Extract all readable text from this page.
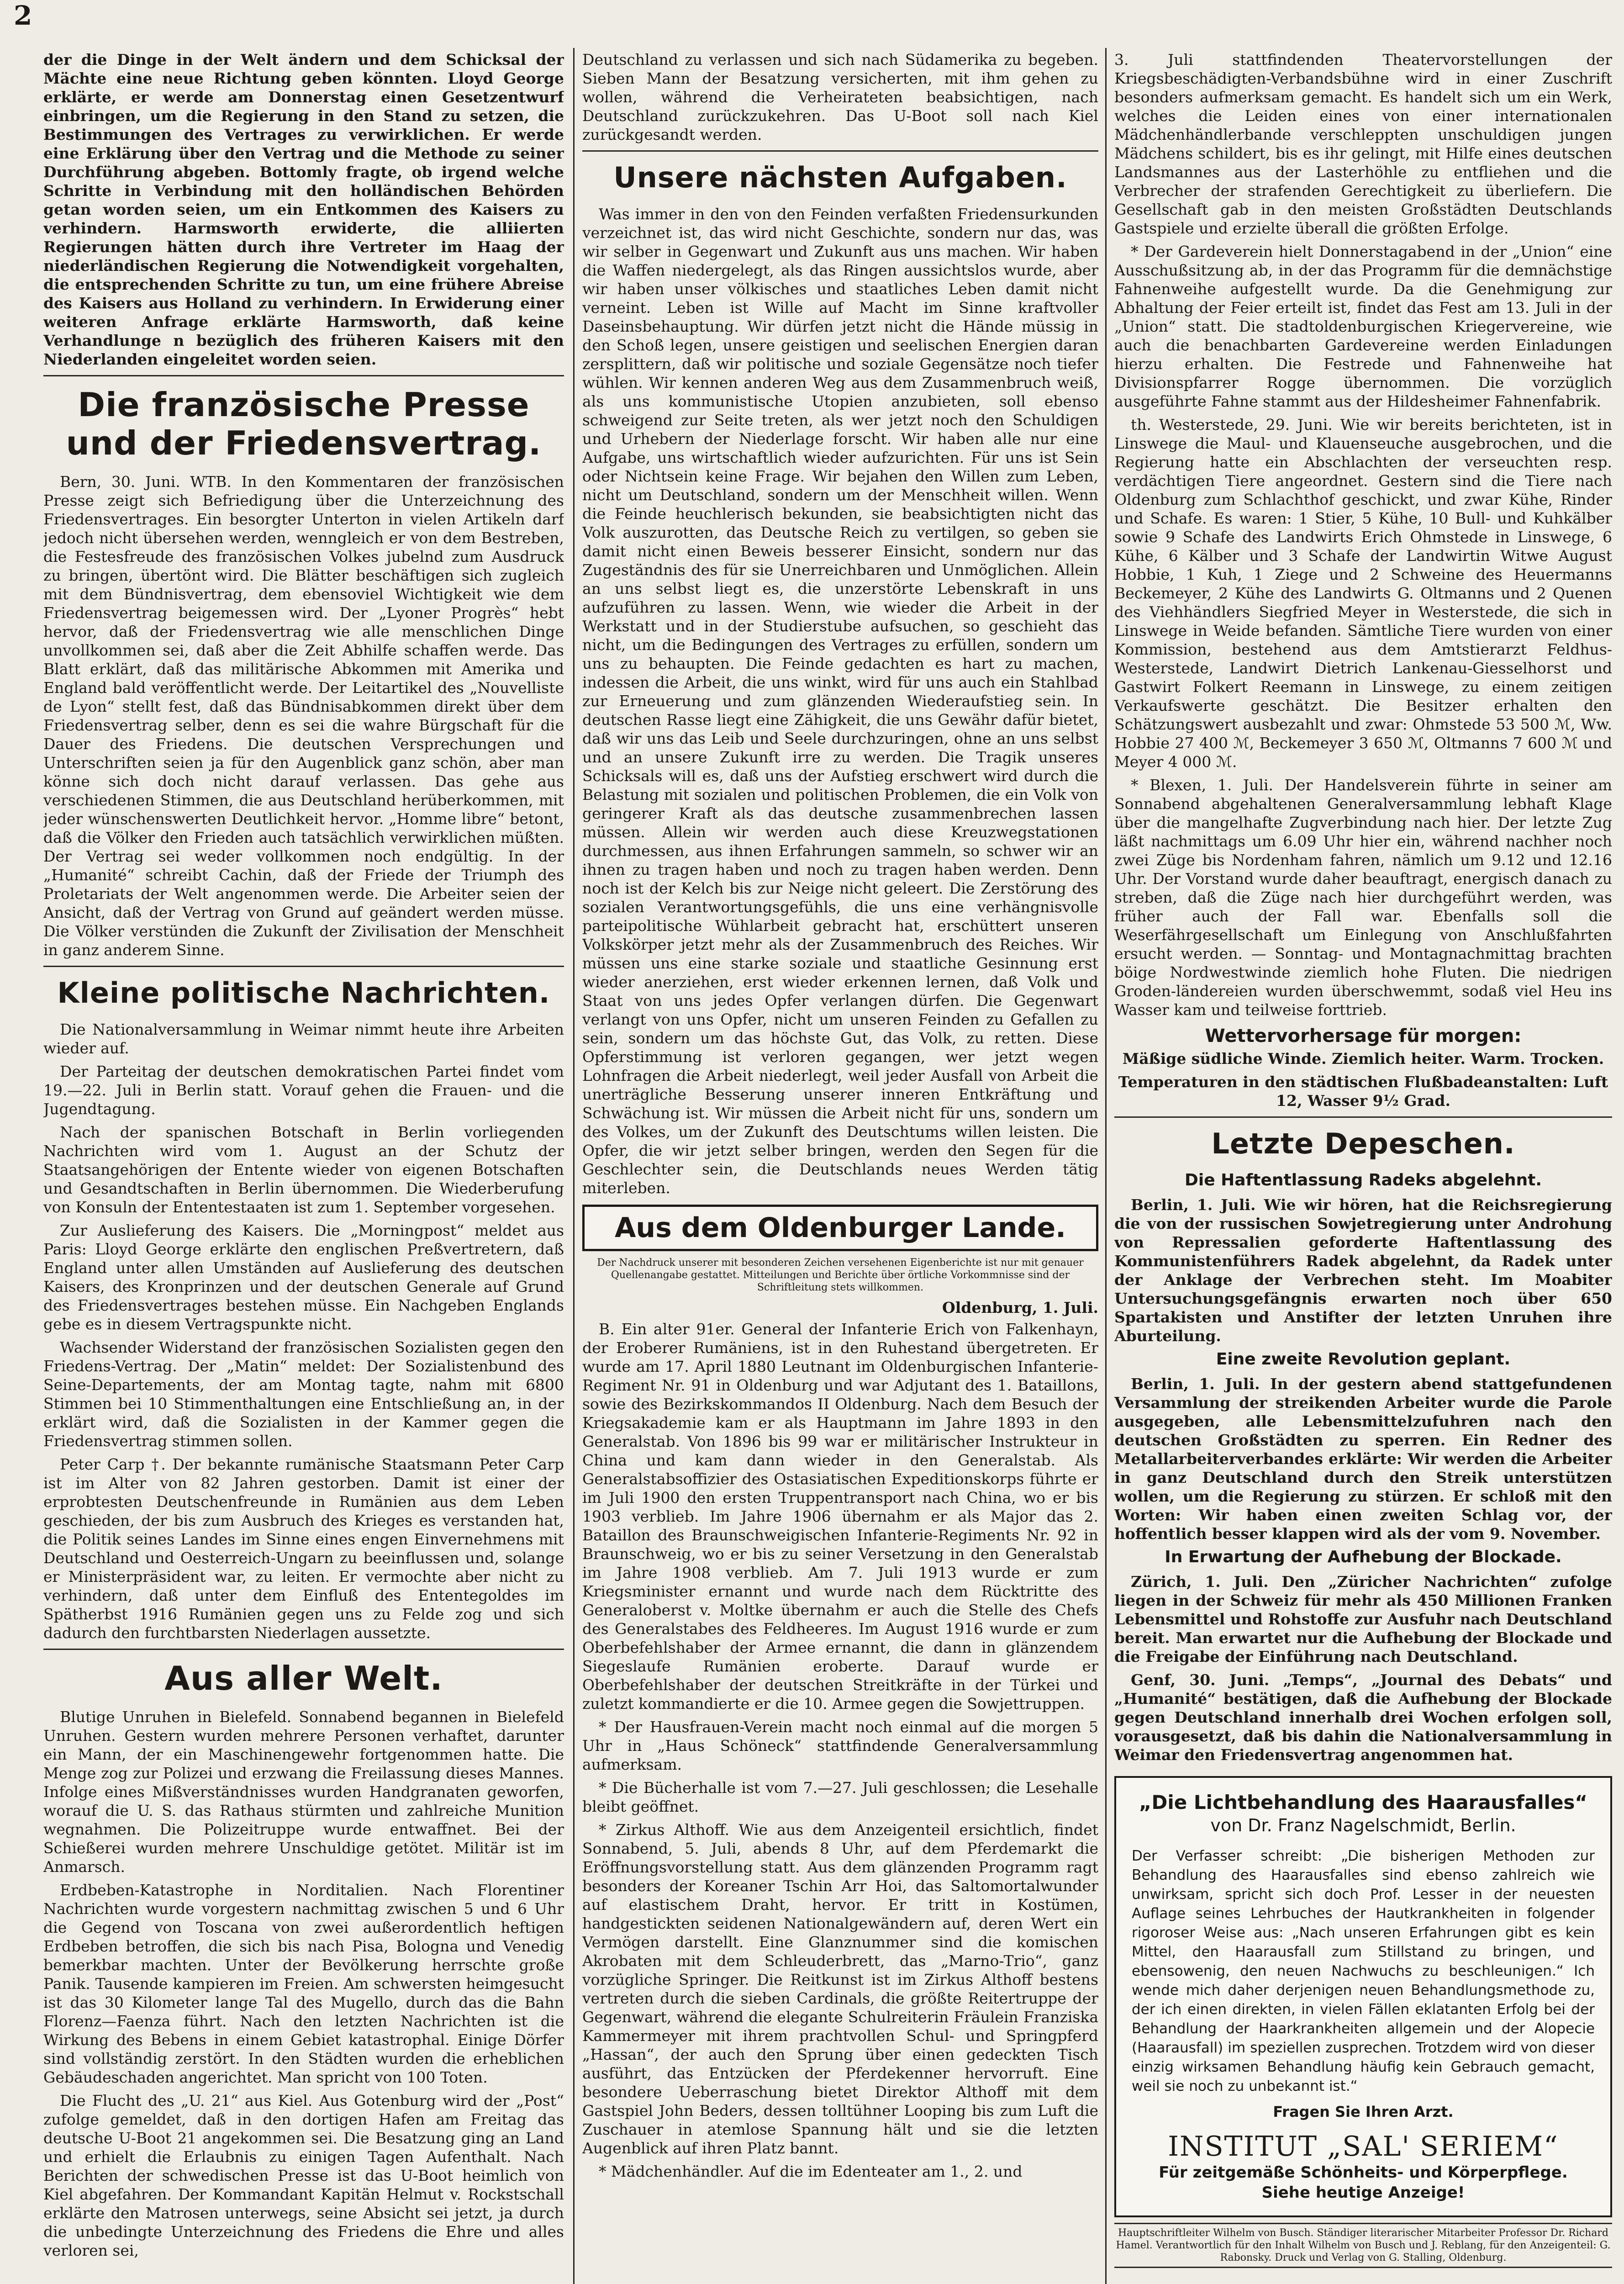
2

der die Dinge in der Welt ändern und dem Schicksal der Mächte eine neue Richtung geben könnten. Lloyd George erklärte, er werde am Donnerstag einen Gesetzentwurf einbringen, um die Regierung in den Stand zu setzen, die Bestimmungen des Vertrages zu verwirklichen. Er werde eine Erklärung über den Vertrag und die Methode zu seiner Durchführung abgeben. Bottomly fragte, ob irgend welche Schritte in Verbindung mit den holländischen Behörden getan worden seien, um ein Entkommen des Kaisers zu verhindern. Harmsworth erwiderte, die alliierten Regierungen hätten durch ihre Vertreter im Haag der niederländischen Regierung die Notwendigkeit vorgehalten, die entsprechenden Schritte zu tun, um eine frühere Abreise des Kaisers aus Holland zu verhindern. In Erwiderung einer weiteren Anfrage erklärte Harmsworth, daß keine Verhandlunge n bezüglich des früheren Kaisers mit den Niederlanden eingeleitet worden seien.

Die französische Presse und der Friedensvertrag.

Bern, 30. Juni. WTB. In den Kommentaren der französischen Presse zeigt sich Befriedigung über die Unterzeichnung des Friedensvertrages. Ein besorgter Unterton in vielen Artikeln darf jedoch nicht übersehen werden, wenngleich er von dem Bestreben, die Festesfreude des französischen Volkes jubelnd zum Ausdruck zu bringen, übertönt wird. Die Blätter beschäftigen sich zugleich mit dem Bündnisvertrag, dem ebensoviel Wichtigkeit wie dem Friedensvertrag beigemessen wird. Der „Lyoner Progrès“ hebt hervor, daß der Friedensvertrag wie alle menschlichen Dinge unvollkommen sei, daß aber die Zeit Abhilfe schaffen werde. Das Blatt erklärt, daß das militärische Abkommen mit Amerika und England bald veröffentlicht werde. Der Leitartikel des „Nouvelliste de Lyon“ stellt fest, daß das Bündnisabkommen direkt über dem Friedensvertrag selber, denn es sei die wahre Bürgschaft für die Dauer des Friedens. Die deutschen Versprechungen und Unterschriften seien ja für den Augenblick ganz schön, aber man könne sich doch nicht darauf verlassen. Das gehe aus verschiedenen Stimmen, die aus Deutschland herüberkommen, mit jeder wünschenswerten Deutlichkeit hervor. „Homme libre“ betont, daß die Völker den Frieden auch tatsächlich verwirklichen müßten. Der Vertrag sei weder vollkommen noch endgültig. In der „Humanité“ schreibt Cachin, daß der Friede der Triumph des Proletariats der Welt angenommen werde. Die Arbeiter seien der Ansicht, daß der Vertrag von Grund auf geändert werden müsse. Die Völker verstünden die Zukunft der Zivilisation der Menschheit in ganz anderem Sinne.

Kleine politische Nachrichten.

Die Nationalversammlung in Weimar nimmt heute ihre Arbeiten wieder auf.

Der Parteitag der deutschen demokratischen Partei findet vom 19.—22. Juli in Berlin statt. Vorauf gehen die Frauen- und die Jugendtagung.

Nach der spanischen Botschaft in Berlin vorliegenden Nachrichten wird vom 1. August an der Schutz der Staatsangehörigen der Entente wieder von eigenen Botschaften und Gesandtschaften in Berlin übernommen. Die Wiederberufung von Konsuln der Ententestaaten ist zum 1. September vorgesehen.

Zur Auslieferung des Kaisers. Die „Morningpost“ meldet aus Paris: Lloyd George erklärte den englischen Preßvertretern, daß England unter allen Umständen auf Auslieferung des deutschen Kaisers, des Kronprinzen und der deutschen Generale auf Grund des Friedensvertrages bestehen müsse. Ein Nachgeben Englands gebe es in diesem Vertragspunkte nicht.

Wachsender Widerstand der französischen Sozialisten gegen den Friedens-Vertrag. Der „Matin“ meldet: Der Sozialistenbund des Seine-Departements, der am Montag tagte, nahm mit 6800 Stimmen bei 10 Stimmenthaltungen eine Entschließung an, in der erklärt wird, daß die Sozialisten in der Kammer gegen die Friedensvertrag stimmen sollen.

Peter Carp †. Der bekannte rumänische Staatsmann Peter Carp ist im Alter von 82 Jahren gestorben. Damit ist einer der erprobtesten Deutschenfreunde in Rumänien aus dem Leben geschieden, der bis zum Ausbruch des Krieges es verstanden hat, die Politik seines Landes im Sinne eines engen Einvernehmens mit Deutschland und Oesterreich-Ungarn zu beeinflussen und, solange er Ministerpräsident war, zu leiten. Er vermochte aber nicht zu verhindern, daß unter dem Einfluß des Ententegoldes im Spätherbst 1916 Rumänien gegen uns zu Felde zog und sich dadurch den furchtbarsten Niederlagen aussetzte.

Aus aller Welt.

Blutige Unruhen in Bielefeld. Sonnabend begannen in Bielefeld Unruhen. Gestern wurden mehrere Personen verhaftet, darunter ein Mann, der ein Maschinengewehr fortgenommen hatte. Die Menge zog zur Polizei und erzwang die Freilassung dieses Mannes. Infolge eines Mißverständnisses wurden Handgranaten geworfen, worauf die U. S. das Rathaus stürmten und zahlreiche Munition wegnahmen. Die Polizeitruppe wurde entwaffnet. Bei der Schießerei wurden mehrere Unschuldige getötet. Militär ist im Anmarsch.

Erdbeben-Katastrophe in Norditalien. Nach Florentiner Nachrichten wurde vorgestern nachmittag zwischen 5 und 6 Uhr die Gegend von Toscana von zwei außerordentlich heftigen Erdbeben betroffen, die sich bis nach Pisa, Bologna und Venedig bemerkbar machten. Unter der Bevölkerung herrschte große Panik. Tausende kampieren im Freien. Am schwersten heimgesucht ist das 30 Kilometer lange Tal des Mugello, durch das die Bahn Florenz—Faenza führt. Nach den letzten Nachrichten ist die Wirkung des Bebens in einem Gebiet katastrophal. Einige Dörfer sind vollständig zerstört. In den Städten wurden die erheblichen Gebäudeschaden angerichtet. Man spricht von 100 Toten.

Die Flucht des „U. 21“ aus Kiel. Aus Gotenburg wird der „Post“ zufolge gemeldet, daß in den dortigen Hafen am Freitag das deutsche U-Boot 21 angekommen sei. Die Besatzung ging an Land und erhielt die Erlaubnis zu einigen Tagen Aufenthalt. Nach Berichten der schwedischen Presse ist das U-Boot heimlich von Kiel abgefahren. Der Kommandant Kapitän Helmut v. Rockstschall erklärte den Matrosen unterwegs, seine Absicht sei jetzt, ja durch die unbedingte Unterzeichnung des Friedens die Ehre und alles verloren sei,

Deutschland zu verlassen und sich nach Südamerika zu begeben. Sieben Mann der Besatzung versicherten, mit ihm gehen zu wollen, während die Verheirateten beabsichtigen, nach Deutschland zurückzukehren. Das U-Boot soll nach Kiel zurückgesandt werden.

Unsere nächsten Aufgaben.

Was immer in den von den Feinden verfaßten Friedensurkunden verzeichnet ist, das wird nicht Geschichte, sondern nur das, was wir selber in Gegenwart und Zukunft aus uns machen. Wir haben die Waffen niedergelegt, als das Ringen aussichtslos wurde, aber wir haben unser völkisches und staatliches Leben damit nicht verneint. Leben ist Wille auf Macht im Sinne kraftvoller Daseinsbehauptung. Wir dürfen jetzt nicht die Hände müssig in den Schoß legen, unsere geistigen und seelischen Energien daran zersplittern, daß wir politische und soziale Gegensätze noch tiefer wühlen. Wir kennen anderen Weg aus dem Zusammenbruch weiß, als uns kommunistische Utopien anzubieten, soll ebenso schweigend zur Seite treten, als wer jetzt noch den Schuldigen und Urhebern der Niederlage forscht. Wir haben alle nur eine Aufgabe, uns wirtschaftlich wieder aufzurichten. Für uns ist Sein oder Nichtsein keine Frage. Wir bejahen den Willen zum Leben, nicht um Deutschland, sondern um der Menschheit willen. Wenn die Feinde heuchlerisch bekunden, sie beabsichtigten nicht das Volk auszurotten, das Deutsche Reich zu vertilgen, so geben sie damit nicht einen Beweis besserer Einsicht, sondern nur das Zugeständnis des für sie Unerreichbaren und Unmöglichen. Allein an uns selbst liegt es, die unzerstörte Lebenskraft in uns aufzuführen zu lassen. Wenn, wie wieder die Arbeit in der Werkstatt und in der Studierstube aufsuchen, so geschieht das nicht, um die Bedingungen des Vertrages zu erfüllen, sondern um uns zu behaupten. Die Feinde gedachten es hart zu machen, indessen die Arbeit, die uns winkt, wird für uns auch ein Stahlbad zur Erneuerung und zum glänzenden Wiederaufstieg sein. In deutschen Rasse liegt eine Zähigkeit, die uns Gewähr dafür bietet, daß wir uns das Leib und Seele durchzuringen, ohne an uns selbst und an unsere Zukunft irre zu werden. Die Tragik unseres Schicksals will es, daß uns der Aufstieg erschwert wird durch die Belastung mit sozialen und politischen Problemen, die ein Volk von geringerer Kraft als das deutsche zusammenbrechen lassen müssen. Allein wir werden auch diese Kreuzwegstationen durchmessen, aus ihnen Erfahrungen sammeln, so schwer wir an ihnen zu tragen haben und noch zu tragen haben werden. Denn noch ist der Kelch bis zur Neige nicht geleert. Die Zerstörung des sozialen Verantwortungsgefühls, die uns eine verhängnisvolle parteipolitische Wühlarbeit gebracht hat, erschüttert unseren Volkskörper jetzt mehr als der Zusammenbruch des Reiches. Wir müssen uns eine starke soziale und staatliche Gesinnung erst wieder anerziehen, erst wieder erkennen lernen, daß Volk und Staat von uns jedes Opfer verlangen dürfen. Die Gegenwart verlangt von uns Opfer, nicht um unseren Feinden zu Gefallen zu sein, sondern um das höchste Gut, das Volk, zu retten. Diese Opferstimmung ist verloren gegangen, wer jetzt wegen Lohnfragen die Arbeit niederlegt, weil jeder Ausfall von Arbeit die unerträgliche Besserung unserer inneren Entkräftung und Schwächung ist. Wir müssen die Arbeit nicht für uns, sondern um des Volkes, um der Zukunft des Deutschtums willen leisten. Die Opfer, die wir jetzt selber bringen, werden den Segen für die Geschlechter sein, die Deutschlands neues Werden tätig miterleben.

Aus dem Oldenburger Lande.

Der Nachdruck unserer mit besonderen Zeichen versehenen Eigenberichte ist nur mit genauer Quellenangabe gestattet. Mitteilungen und Berichte über örtliche Vorkommnisse sind der Schriftleitung stets willkommen.

Oldenburg, 1. Juli.

B. Ein alter 91er. General der Infanterie Erich von Falkenhayn, der Eroberer Rumäniens, ist in den Ruhestand übergetreten. Er wurde am 17. April 1880 Leutnant im Oldenburgischen Infanterie-Regiment Nr. 91 in Oldenburg und war Adjutant des 1. Bataillons, sowie des Bezirkskommandos II Oldenburg. Nach dem Besuch der Kriegsakademie kam er als Hauptmann im Jahre 1893 in den Generalstab. Von 1896 bis 99 war er militärischer Instrukteur in China und kam dann wieder in den Generalstab. Als Generalstabsoffizier des Ostasiatischen Expeditionskorps führte er im Juli 1900 den ersten Truppentransport nach China, wo er bis 1903 verblieb. Im Jahre 1906 übernahm er als Major das 2. Bataillon des Braunschweigischen Infanterie-Regiments Nr. 92 in Braunschweig, wo er bis zu seiner Versetzung in den Generalstab im Jahre 1908 verblieb. Am 7. Juli 1913 wurde er zum Kriegsminister ernannt und wurde nach dem Rücktritte des Generaloberst v. Moltke übernahm er auch die Stelle des Chefs des Generalstabes des Feldheeres. Im August 1916 wurde er zum Oberbefehlshaber der Armee ernannt, die dann in glänzendem Siegeslaufe Rumänien eroberte. Darauf wurde er Oberbefehlshaber der deutschen Streitkräfte in der Türkei und zuletzt kommandierte er die 10. Armee gegen die Sowjettruppen.

* Der Hausfrauen-Verein macht noch einmal auf die morgen 5 Uhr in „Haus Schöneck“ stattfindende Generalversammlung aufmerksam.

* Die Bücherhalle ist vom 7.—27. Juli geschlossen; die Lesehalle bleibt geöffnet.

* Zirkus Althoff. Wie aus dem Anzeigenteil ersichtlich, findet Sonnabend, 5. Juli, abends 8 Uhr, auf dem Pferdemarkt die Eröffnungsvorstellung statt. Aus dem glänzenden Programm ragt besonders der Koreaner Tschin Arr Hoi, das Saltomortalwunder auf elastischem Draht, hervor. Er tritt in Kostümen, handgestickten seidenen Nationalgewändern auf, deren Wert ein Vermögen darstellt. Eine Glanznummer sind die komischen Akrobaten mit dem Schleuderbrett, das „Marno-Trio“, ganz vorzügliche Springer. Die Reitkunst ist im Zirkus Althoff bestens vertreten durch die sieben Cardinals, die größte Reitertruppe der Gegenwart, während die elegante Schulreiterin Fräulein Franziska Kammermeyer mit ihrem prachtvollen Schul- und Springpferd „Hassan“, der auch den Sprung über einen gedeckten Tisch ausführt, das Entzücken der Pferdekenner hervorruft. Eine besondere Ueberraschung bietet Direktor Althoff mit dem Gastspiel John Beders, dessen tolltühner Looping bis zum Luft die Zuschauer in atemlose Spannung hält und sie die letzten Augenblick auf ihren Platz bannt.

* Mädchenhändler. Auf die im Edenteater am 1., 2. und

3. Juli stattfindenden Theatervorstellungen der Kriegsbeschädigten-Verbandsbühne wird in einer Zuschrift besonders aufmerksam gemacht. Es handelt sich um ein Werk, welches die Leiden eines von einer internationalen Mädchenhändlerbande verschleppten unschuldigen jungen Mädchens schildert, bis es ihr gelingt, mit Hilfe eines deutschen Landsmannes aus der Lasterhöhle zu entfliehen und die Verbrecher der strafenden Gerechtigkeit zu überliefern. Die Gesellschaft gab in den meisten Großstädten Deutschlands Gastspiele und erzielte überall die größten Erfolge.

* Der Gardeverein hielt Donnerstagabend in der „Union“ eine Ausschußsitzung ab, in der das Programm für die demnächstige Fahnenweihe aufgestellt wurde. Da die Genehmigung zur Abhaltung der Feier erteilt ist, findet das Fest am 13. Juli in der „Union“ statt. Die stadtoldenburgischen Kriegervereine, wie auch die benachbarten Gardevereine werden Einladungen hierzu erhalten. Die Festrede und Fahnenweihe hat Divisionspfarrer Rogge übernommen. Die vorzüglich ausgeführte Fahne stammt aus der Hildesheimer Fahnenfabrik.

th. Westerstede, 29. Juni. Wie wir bereits berichteten, ist in Linswege die Maul- und Klauenseuche ausgebrochen, und die Regierung hatte ein Abschlachten der verseuchten resp. verdächtigen Tiere angeordnet. Gestern sind die Tiere nach Oldenburg zum Schlachthof geschickt, und zwar Kühe, Rinder und Schafe. Es waren: 1 Stier, 5 Kühe, 10 Bull- und Kuhkälber sowie 9 Schafe des Landwirts Erich Ohmstede in Linswege, 6 Kühe, 6 Kälber und 3 Schafe der Landwirtin Witwe August Hobbie, 1 Kuh, 1 Ziege und 2 Schweine des Heuermanns Beckemeyer, 2 Kühe des Landwirts G. Oltmanns und 2 Quenen des Viehhändlers Siegfried Meyer in Westerstede, die sich in Linswege in Weide befanden. Sämtliche Tiere wurden von einer Kommission, bestehend aus dem Amtstierarzt Feldhus-Westerstede, Landwirt Dietrich Lankenau-Giesselhorst und Gastwirt Folkert Reemann in Linswege, zu einem zeitigen Verkaufswerte geschätzt. Die Besitzer erhalten den Schätzungswert ausbezahlt und zwar: Ohmstede 53 500 ℳ, Ww. Hobbie 27 400 ℳ, Beckemeyer 3 650 ℳ, Oltmanns 7 600 ℳ und Meyer 4 000 ℳ.

* Blexen, 1. Juli. Der Handelsverein führte in seiner am Sonnabend abgehaltenen Generalversammlung lebhaft Klage über die mangelhafte Zugverbindung nach hier. Der letzte Zug läßt nachmittags um 6.09 Uhr hier ein, während nachher noch zwei Züge bis Nordenham fahren, nämlich um 9.12 und 12.16 Uhr. Der Vorstand wurde daher beauftragt, energisch danach zu streben, daß die Züge nach hier durchgeführt werden, was früher auch der Fall war. Ebenfalls soll die Weserfährgesellschaft um Einlegung von Anschlußfahrten ersucht werden. — Sonntag- und Montagnachmittag brachten böige Nordwestwinde ziemlich hohe Fluten. Die niedrigen Groden-ländereien wurden überschwemmt, sodaß viel Heu ins Wasser kam und teilweise forttrieb.

Wettervorhersage für morgen:

Mäßige südliche Winde. Ziemlich heiter. Warm. Trocken.

Temperaturen in den städtischen Flußbadeanstalten: Luft 12, Wasser 9½ Grad.

Letzte Depeschen.
Die Haftentlassung Radeks abgelehnt.

Berlin, 1. Juli. Wie wir hören, hat die Reichsregierung die von der russischen Sowjetregierung unter Androhung von Repressalien geforderte Haftentlassung des Kommunistenführers Radek abgelehnt, da Radek unter der Anklage der Verbrechen steht. Im Moabiter Untersuchungsgefängnis erwarten noch über 650 Spartakisten und Anstifter der letzten Unruhen ihre Aburteilung.

Eine zweite Revolution geplant.

Berlin, 1. Juli. In der gestern abend stattgefundenen Versammlung der streikenden Arbeiter wurde die Parole ausgegeben, alle Lebensmittelzufuhren nach den deutschen Großstädten zu sperren. Ein Redner des Metallarbeiterverbandes erklärte: Wir werden die Arbeiter in ganz Deutschland durch den Streik unterstützen wollen, um die Regierung zu stürzen. Er schloß mit den Worten: Wir haben einen zweiten Schlag vor, der hoffentlich besser klappen wird als der vom 9. November.

In Erwartung der Aufhebung der Blockade.

Zürich, 1. Juli. Den „Züricher Nachrichten“ zufolge liegen in der Schweiz für mehr als 450 Millionen Franken Lebensmittel und Rohstoffe zur Ausfuhr nach Deutschland bereit. Man erwartet nur die Aufhebung der Blockade und die Freigabe der Einführung nach Deutschland.

Genf, 30. Juni. „Temps“, „Journal des Debats“ und „Humanité“ bestätigen, daß die Aufhebung der Blockade gegen Deutschland innerhalb drei Wochen erfolgen soll, vorausgesetzt, daß bis dahin die Nationalversammlung in Weimar den Friedensvertrag angenommen hat.

„Die Lichtbehandlung des Haarausfalles“
von Dr. Franz Nagelschmidt, Berlin.
Der Verfasser schreibt: „Die bisherigen Methoden zur Behandlung des Haarausfalles sind ebenso zahlreich wie unwirksam, spricht sich doch Prof. Lesser in der neuesten Auflage seines Lehrbuches der Hautkrankheiten in folgender rigoroser Weise aus: „Nach unseren Erfahrungen gibt es kein Mittel, den Haarausfall zum Stillstand zu bringen, und ebensowenig, den neuen Nachwuchs zu beschleunigen.“ Ich wende mich daher derjenigen neuen Behandlungsmethode zu, der ich einen direkten, in vielen Fällen eklatanten Erfolg bei der Behandlung der Haarkrankheiten allgemein und der Alopecie (Haarausfall) im speziellen zusprechen. Trotzdem wird von dieser einzig wirksamen Behandlung häufig kein Gebrauch gemacht, weil sie noch zu unbekannt ist.“
Fragen Sie Ihren Arzt.
INSTITUT „SAL' SERIEM“
Für zeitgemäße Schönheits- und Körperpflege.
Siehe heutige Anzeige!
Hauptschriftleiter Wilhelm von Busch. Ständiger literarischer Mitarbeiter Professor Dr. Richard Hamel. Verantwortlich für den Inhalt Wilhelm von Busch und J. Reblang, für den Anzeigenteil: G. Rabonsky. Druck und Verlag von G. Stalling, Oldenburg.
